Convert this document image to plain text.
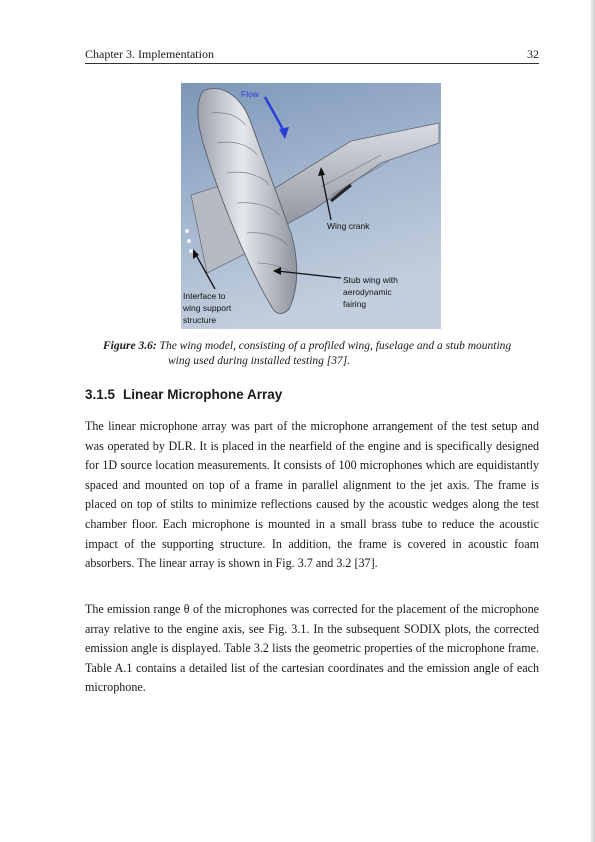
Chapter 3. Implementation	32
Flow
Wing crank
Stub wing with
aerodynamic
fairing
Interface to
wing support
structure
Figure 3.6: The wing model, consisting of a profiled wing, fuselage and a stub mounting
wing used during installed testing [37].
3.1.5 Linear Microphone Array

The linear microphone array was part of the microphone arrangement of the test setup and was operated by DLR. It is placed in the nearfield of the engine and is specifically designed for 1D source location measurements. It consists of 100 microphones which are equidistantly spaced and mounted on top of a frame in parallel alignment to the jet axis. The frame is placed on top of stilts to minimize reflections caused by the acoustic wedges along the test chamber floor. Each microphone is mounted in a small brass tube to reduce the acoustic impact of the supporting structure. In addition, the frame is covered in acoustic foam absorbers. The linear array is shown in Fig. 3.7 and 3.2 [37].

The emission range θ of the microphones was corrected for the placement of the microphone array relative to the engine axis, see Fig. 3.1. In the subsequent SODIX plots, the corrected emission angle is displayed. Table 3.2 lists the geometric properties of the microphone frame. Table A.1 contains a detailed list of the cartesian coordinates and the emission angle of each microphone.
